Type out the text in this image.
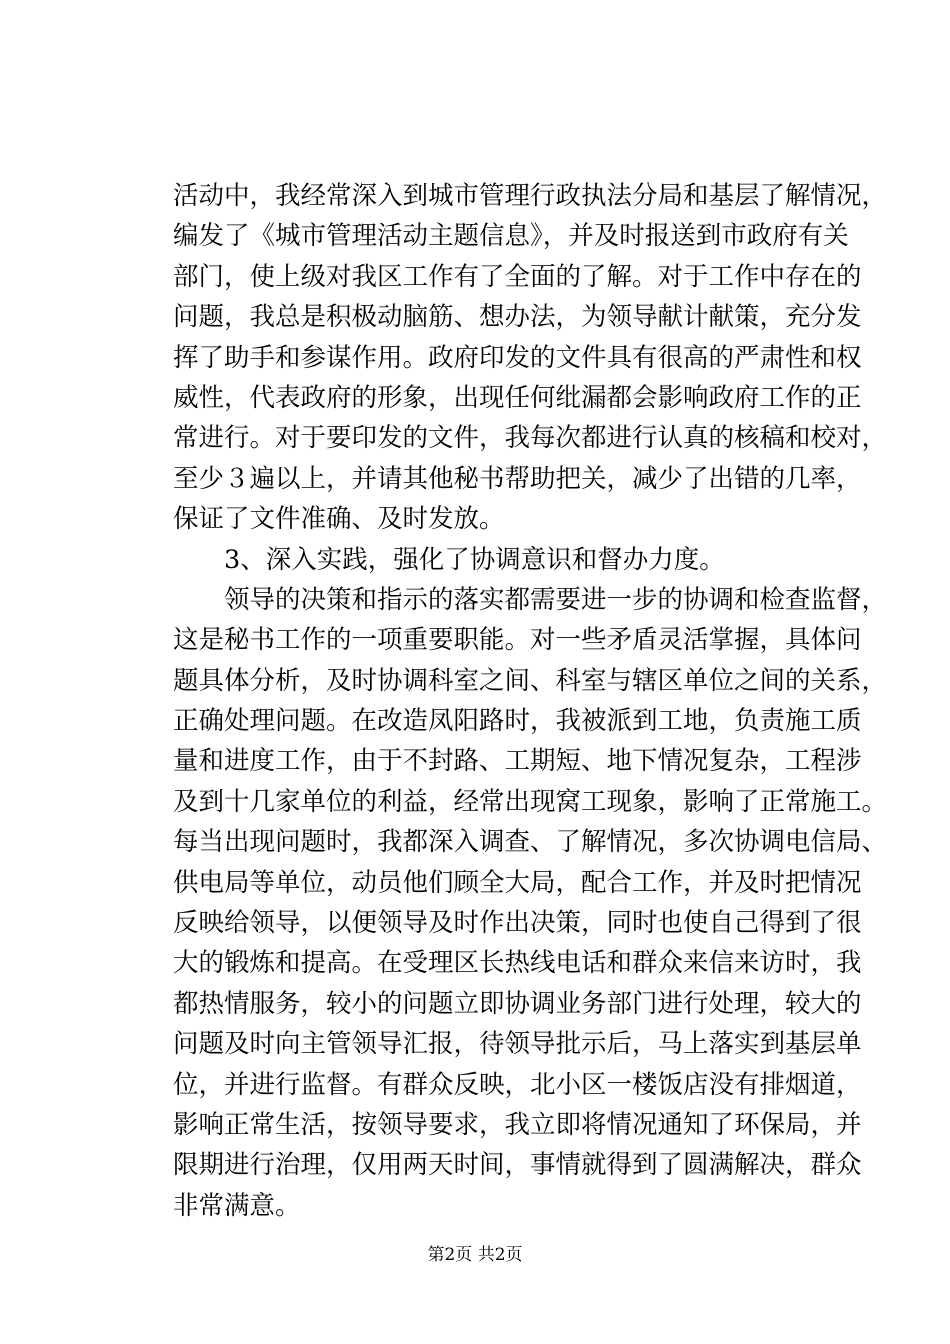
活动中，我经常深入到城市管理行政执法分局和基层了解情况，
编发了《城市管理活动主题信息》，并及时报送到市政府有关
部门，使上级对我区工作有了全面的了解。对于工作中存在的
问题，我总是积极动脑筋、想办法，为领导献计献策，充分发
挥了助手和参谋作用。政府印发的文件具有很高的严肃性和权
威性，代表政府的形象，出现任何纰漏都会影响政府工作的正
常进行。对于要印发的文件，我每次都进行认真的核稿和校对，
至少３遍以上，并请其他秘书帮助把关，减少了出错的几率，
保证了文件准确、及时发放。
　　3、深入实践，强化了协调意识和督办力度。
　　领导的决策和指示的落实都需要进一步的协调和检查监督，
这是秘书工作的一项重要职能。对一些矛盾灵活掌握，具体问
题具体分析，及时协调科室之间、科室与辖区单位之间的关系，
正确处理问题。在改造凤阳路时，我被派到工地，负责施工质
量和进度工作，由于不封路、工期短、地下情况复杂，工程涉
及到十几家单位的利益，经常出现窝工现象，影响了正常施工。
每当出现问题时，我都深入调查、了解情况，多次协调电信局、
供电局等单位，动员他们顾全大局，配合工作，并及时把情况
反映给领导，以便领导及时作出决策，同时也使自己得到了很
大的锻炼和提高。在受理区长热线电话和群众来信来访时，我
都热情服务，较小的问题立即协调业务部门进行处理，较大的
问题及时向主管领导汇报，待领导批示后，马上落实到基层单
位，并进行监督。有群众反映，北小区一楼饭店没有排烟道，
影响正常生活，按领导要求，我立即将情况通知了环保局，并
限期进行治理，仅用两天时间，事情就得到了圆满解决，群众
非常满意。
第2页 共2页
